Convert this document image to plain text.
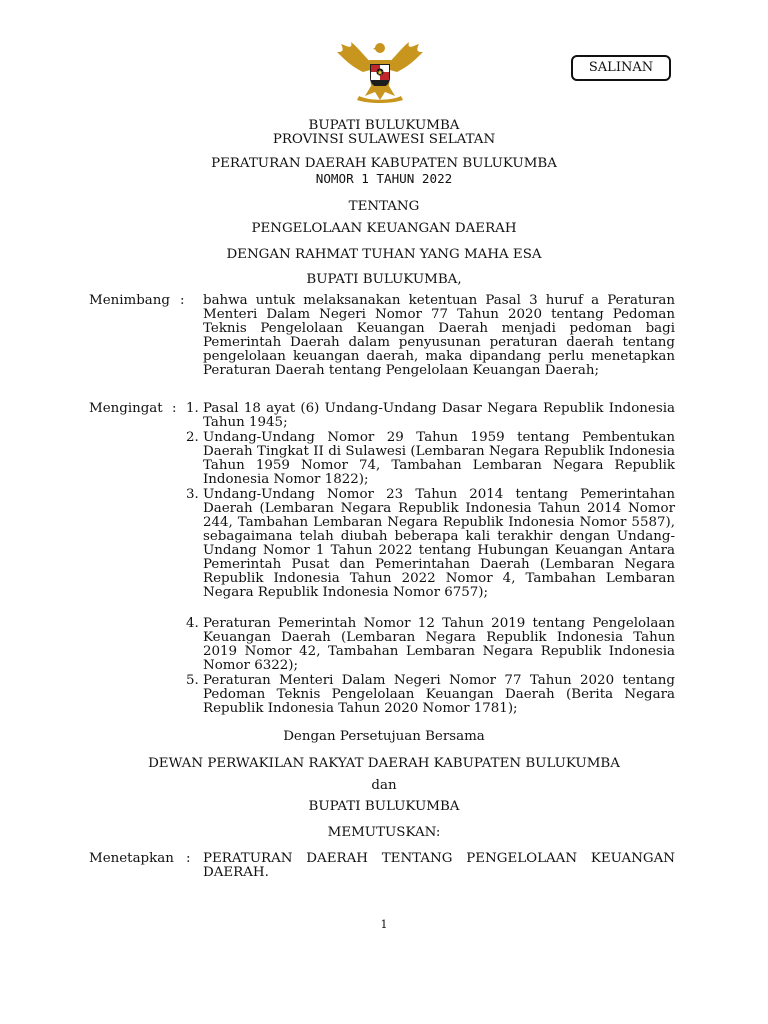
SALINAN
BUPATI BULUKUMBA
PROVINSI SULAWESI SELATAN
PERATURAN DAERAH KABUPATEN BULUKUMBA
NOMOR 1 TAHUN 2022
TENTANG
PENGELOLAAN KEUANGAN DAERAH
DENGAN RAHMAT TUHAN YANG MAHA ESA
BUPATI BULUKUMBA,
Menimbang : bahwa untuk melaksanakan ketentuan Pasal 3 huruf a Peraturan Menteri Dalam Negeri Nomor 77 Tahun 2020 tentang Pedoman Teknis Pengelolaan Keuangan Daerah menjadi pedoman bagi Pemerintah Daerah dalam penyusunan peraturan daerah tentang pengelolaan keuangan daerah, maka dipandang perlu menetapkan Peraturan Daerah tentang Pengelolaan Keuangan Daerah;
Mengingat : 1. Pasal 18 ayat (6) Undang-Undang Dasar Negara Republik Indonesia Tahun 1945;
2. Undang-Undang Nomor 29 Tahun 1959 tentang Pembentukan Daerah Tingkat II di Sulawesi (Lembaran Negara Republik Indonesia Tahun 1959 Nomor 74, Tambahan Lembaran Negara Republik Indonesia Nomor 1822);
3. Undang-Undang Nomor 23 Tahun 2014 tentang Pemerintahan Daerah (Lembaran Negara Republik Indonesia Tahun 2014 Nomor 244, Tambahan Lembaran Negara Republik Indonesia Nomor 5587), sebagaimana telah diubah beberapa kali terakhir dengan Undang-Undang Nomor 1 Tahun 2022 tentang Hubungan Keuangan Antara Pemerintah Pusat dan Pemerintahan Daerah (Lembaran Negara Republik Indonesia Tahun 2022 Nomor 4, Tambahan Lembaran Negara Republik Indonesia Nomor 6757);
4. Peraturan Pemerintah Nomor 12 Tahun 2019 tentang Pengelolaan Keuangan Daerah (Lembaran Negara Republik Indonesia Tahun 2019 Nomor 42, Tambahan Lembaran Negara Republik Indonesia Nomor 6322);
5. Peraturan Menteri Dalam Negeri Nomor 77 Tahun 2020 tentang Pedoman Teknis Pengelolaan Keuangan Daerah (Berita Negara Republik Indonesia Tahun 2020 Nomor 1781);
Dengan Persetujuan Bersama
DEWAN PERWAKILAN RAKYAT DAERAH KABUPATEN BULUKUMBA
dan
BUPATI BULUKUMBA
MEMUTUSKAN:
Menetapkan : PERATURAN DAERAH TENTANG PENGELOLAAN KEUANGAN DAERAH.
1
